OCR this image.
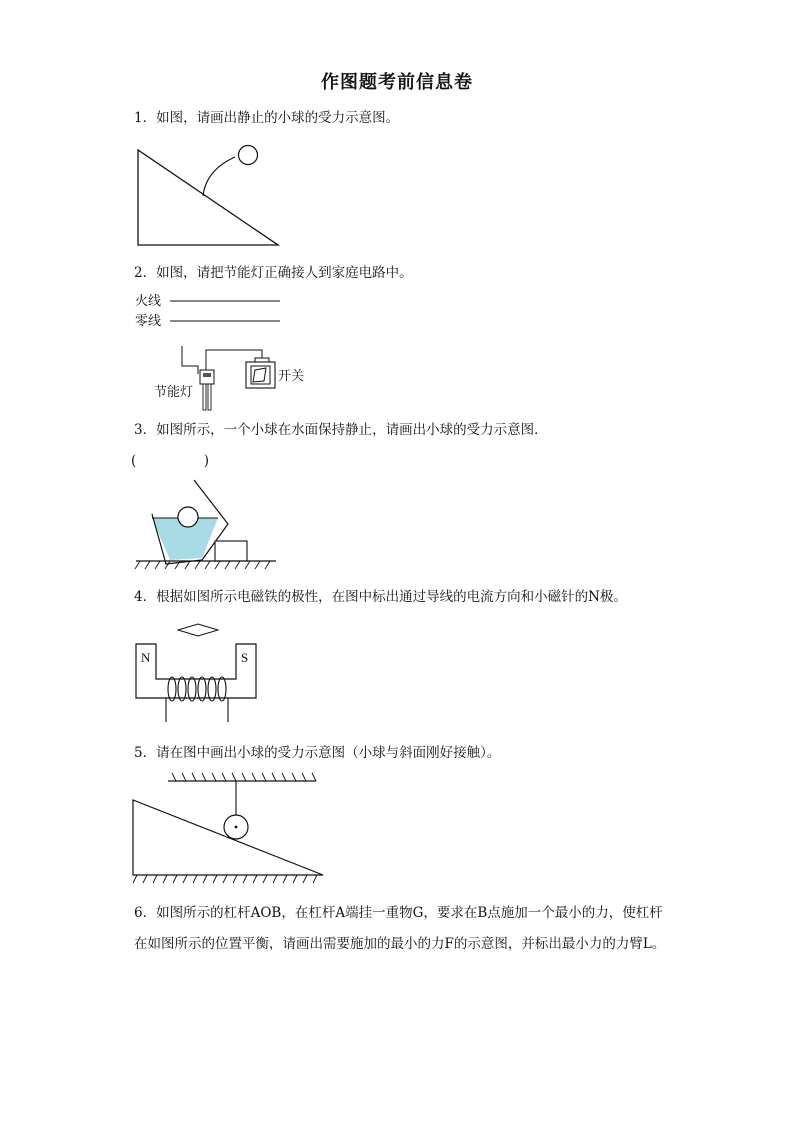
作图题考前信息卷
1．如图，请画出静止的小球的受力示意图。
2．如图，请把节能灯正确接人到家庭电路中。
火线
零线
节能灯
开关
3．如图所示，一个小球在水面保持静止，请画出小球的受力示意图．
(　　　　　)
4．根据如图所示电磁铁的极性，在图中标出通过导线的电流方向和小磁针的N极。
N	S
5．请在图中画出小球的受力示意图（小球与斜面刚好接触）。
6．如图所示的杠杆AOB，在杠杆A端挂一重物G，要求在B点施加一个最小的力，使杠杆在如图所示的位置平衡，请画出需要施加的最小的力F的示意图，并标出最小力的力臂L。
